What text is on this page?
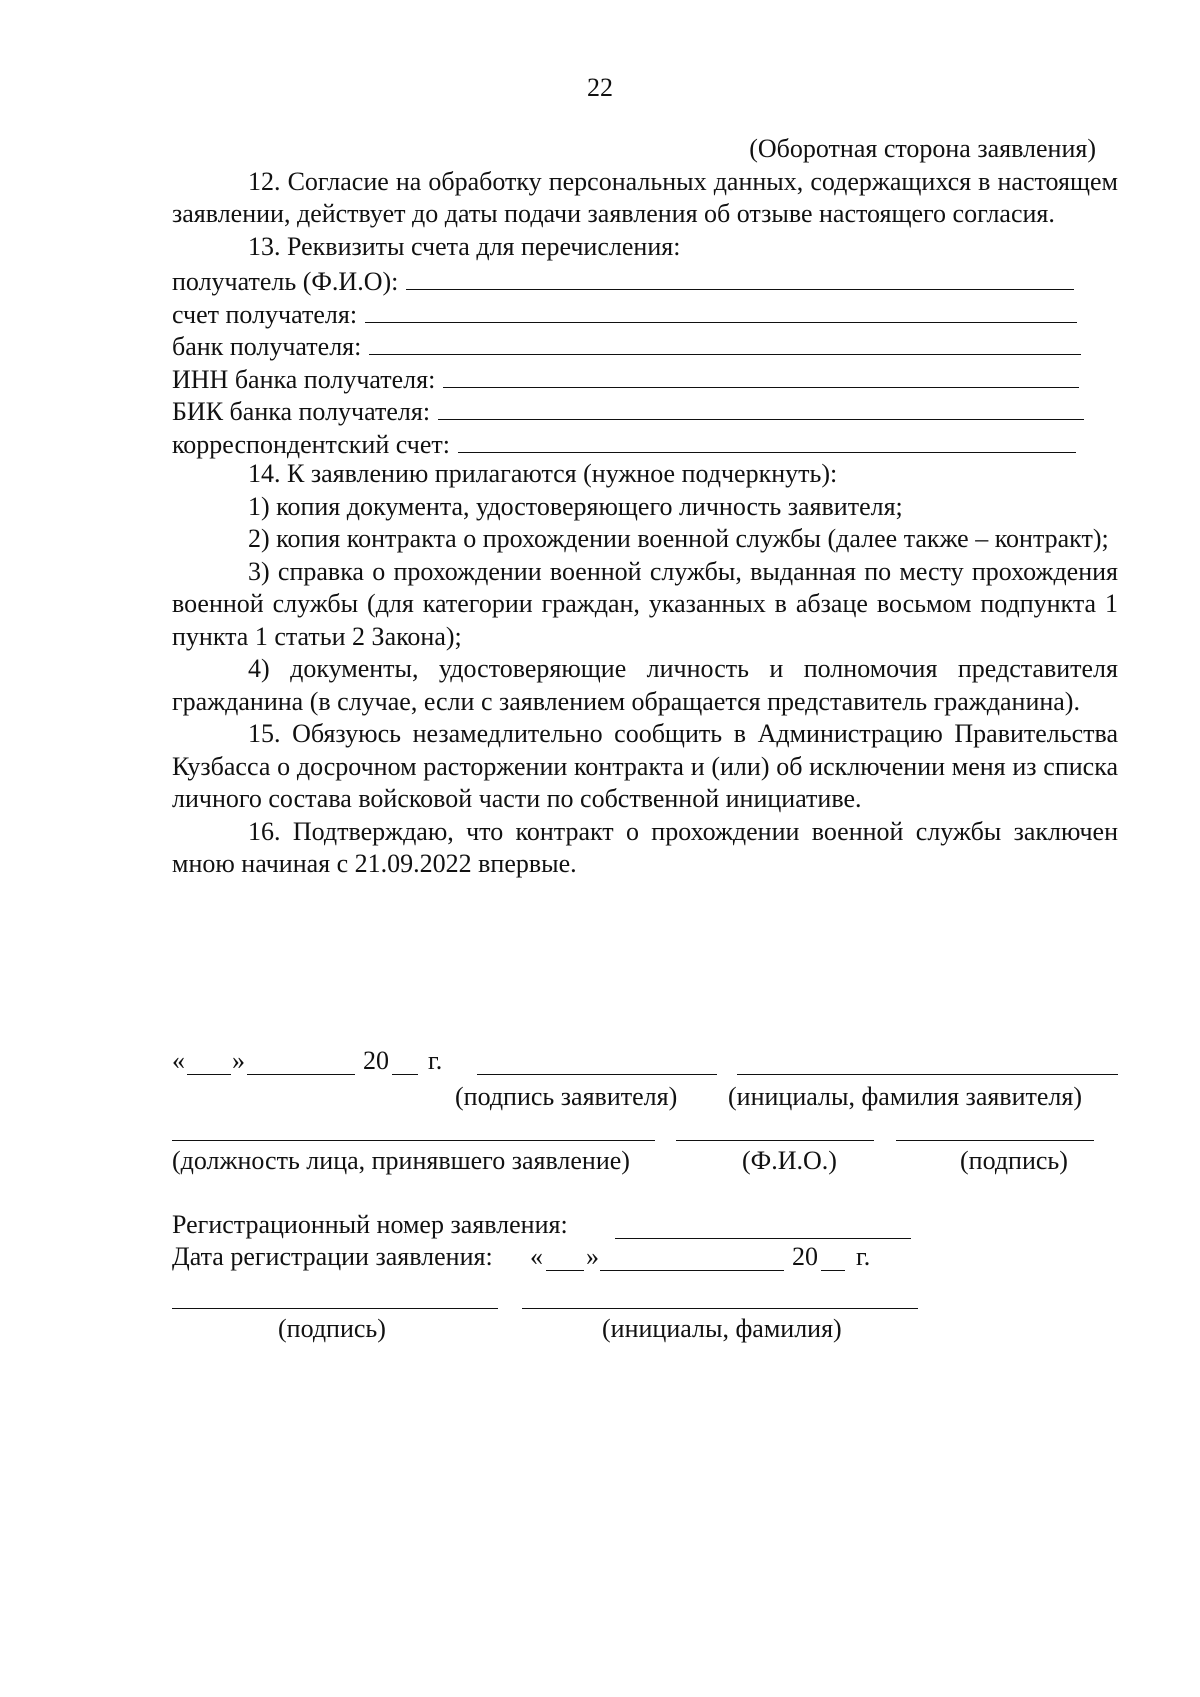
22
(Оборотная сторона заявления)

12. Согласие на обработку персональных данных, содержащихся в настоящем заявлении, действует до даты подачи заявления об отзыве настоящего согласия.

13. Реквизиты счета для перечисления:

получатель (Ф.И.О):
счет получателя:
банк получателя:
ИНН банка получателя:
БИК банка получателя:
корреспондентский счет:

14. К заявлению прилагаются (нужное подчеркнуть):

1) копия документа, удостоверяющего личность заявителя;

2) копия контракта о прохождении военной службы (далее также – контракт);

3) справка о прохождении военной службы, выданная по месту прохождения военной службы (для категории граждан, указанных в абзаце восьмом подпункта 1 пункта 1 статьи 2 Закона);

4) документы, удостоверяющие личность и полномочия представителя гражданина (в случае, если с заявлением обращается представитель гражданина).

15. Обязуюсь незамедлительно сообщить в Администрацию Правительства Кузбасса о досрочном расторжении контракта и (или) об исключении меня из списка личного состава войсковой части по собственной инициативе.

16. Подтверждаю, что контракт о прохождении военной службы заключен мною начиная с 21.09.2022 впервые.

« »	20 г.
(подпись заявителя) (инициалы, фамилия заявителя)
(должность лица, принявшего заявление)	(Ф.И.О.)	(подпись)
Регистрационный номер заявления:
Дата регистрации заявления: « »	20 г.
(подпись)	(инициалы, фамилия)
